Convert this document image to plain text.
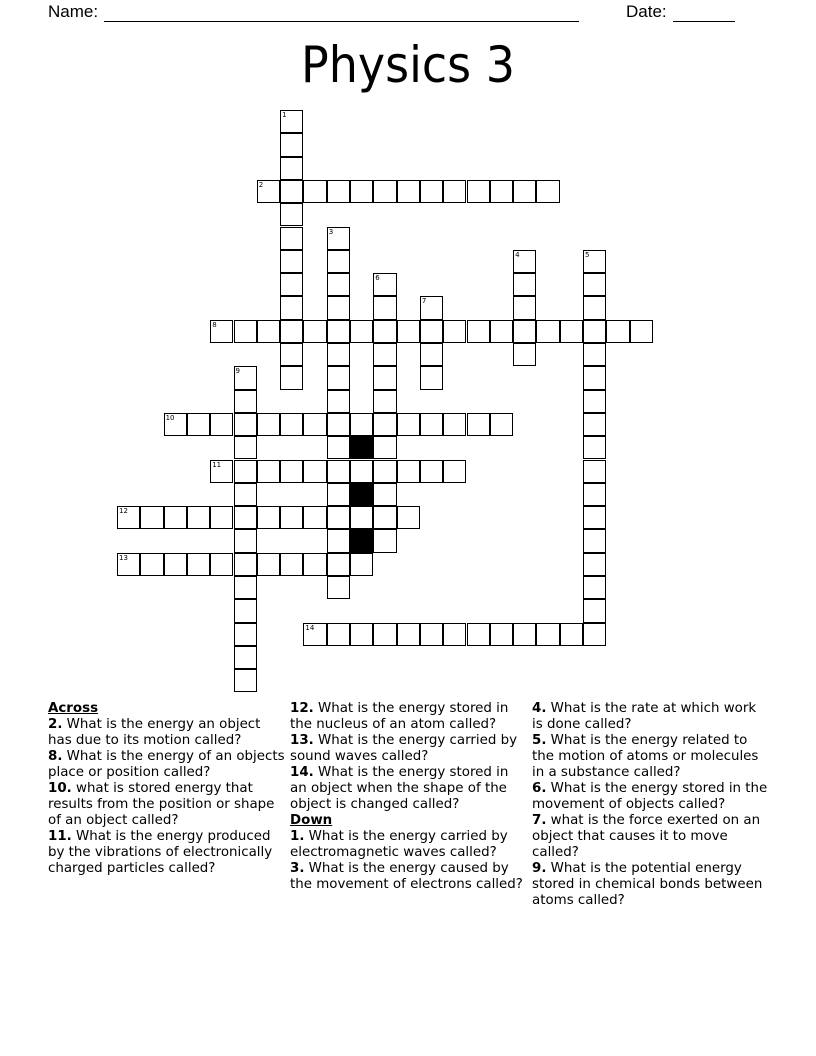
Name:	Date:
Physics 3
1
2
3
4	5
6
7
8
9
10
11
12
13
14
Across
2. What is the energy an object has due to its motion called?
8. What is the energy of an objects place or position called?
10. what is stored energy that results from the position or shape of an object called?
11. What is the energy produced by the vibrations of electronically charged particles called?
12. What is the energy stored in the nucleus of an atom called?
13. What is the energy carried by sound waves called?
14. What is the energy stored in an object when the shape of the object is changed called?
Down
1. What is the energy carried by electromagnetic waves called?
3. What is the energy caused by the movement of electrons called?
4. What is the rate at which work is done called?
5. What is the energy related to the motion of atoms or molecules in a substance called?
6. What is the energy stored in the movement of objects called?
7. what is the force exerted on an object that causes it to move called?
9. What is the potential energy stored in chemical bonds between atoms called?
